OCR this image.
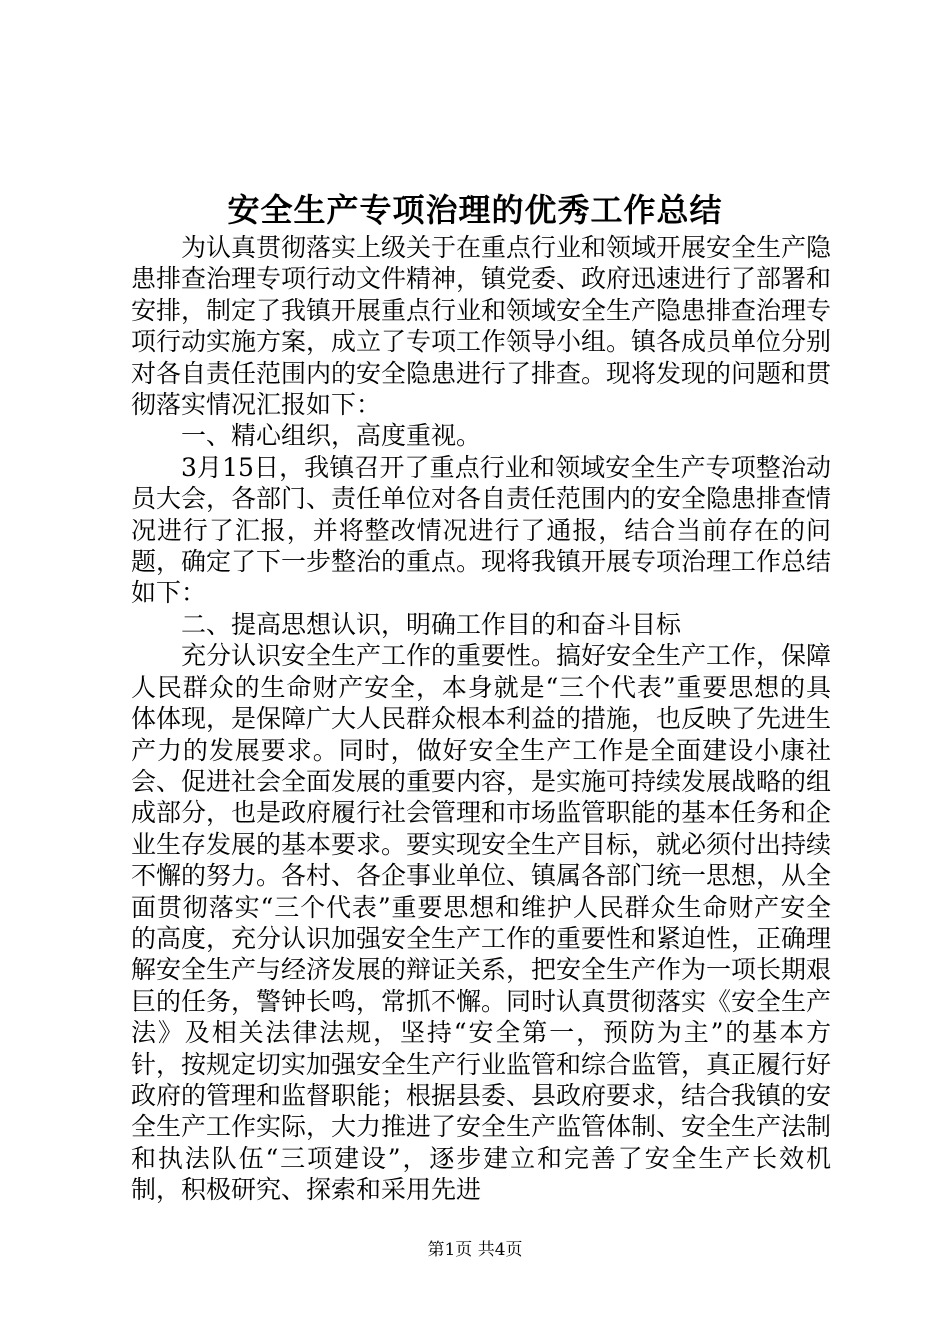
安全生产专项治理的优秀工作总结

为认真贯彻落实上级关于在重点行业和领域开展安全生产隐患排查治理专项行动文件精神，镇党委、政府迅速进行了部署和安排，制定了我镇开展重点行业和领域安全生产隐患排查治理专项行动实施方案，成立了专项工作领导小组。镇各成员单位分别对各自责任范围内的安全隐患进行了排查。现将发现的问题和贯彻落实情况汇报如下：

一、精心组织，高度重视。

3月15日，我镇召开了重点行业和领域安全生产专项整治动员大会，各部门、责任单位对各自责任范围内的安全隐患排查情况进行了汇报，并将整改情况进行了通报，结合当前存在的问题，确定了下一步整治的重点。现将我镇开展专项治理工作总结如下：

二、提高思想认识，明确工作目的和奋斗目标

充分认识安全生产工作的重要性。搞好安全生产工作，保障人民群众的生命财产安全，本身就是“三个代表”重要思想的具体体现，是保障广大人民群众根本利益的措施，也反映了先进生产力的发展要求。同时，做好安全生产工作是全面建设小康社会、促进社会全面发展的重要内容，是实施可持续发展战略的组成部分，也是政府履行社会管理和市场监管职能的基本任务和企业生存发展的基本要求。要实现安全生产目标，就必须付出持续不懈的努力。各村、各企事业单位、镇属各部门统一思想，从全面贯彻落实“三个代表”重要思想和维护人民群众生命财产安全的高度，充分认识加强安全生产工作的重要性和紧迫性，正确理解安全生产与经济发展的辩证关系，把安全生产作为一项长期艰巨的任务，警钟长鸣，常抓不懈。同时认真贯彻落实《安全生产法》及相关法律法规，坚持“安全第一，预防为主”的基本方针，按规定切实加强安全生产行业监管和综合监管，真正履行好政府的管理和监督职能；根据县委、县政府要求，结合我镇的安全生产工作实际，大力推进了安全生产监管体制、安全生产法制和执法队伍“三项建设”，逐步建立和完善了安全生产长效机制，积极研究、探索和采用先进

第1页 共4页
